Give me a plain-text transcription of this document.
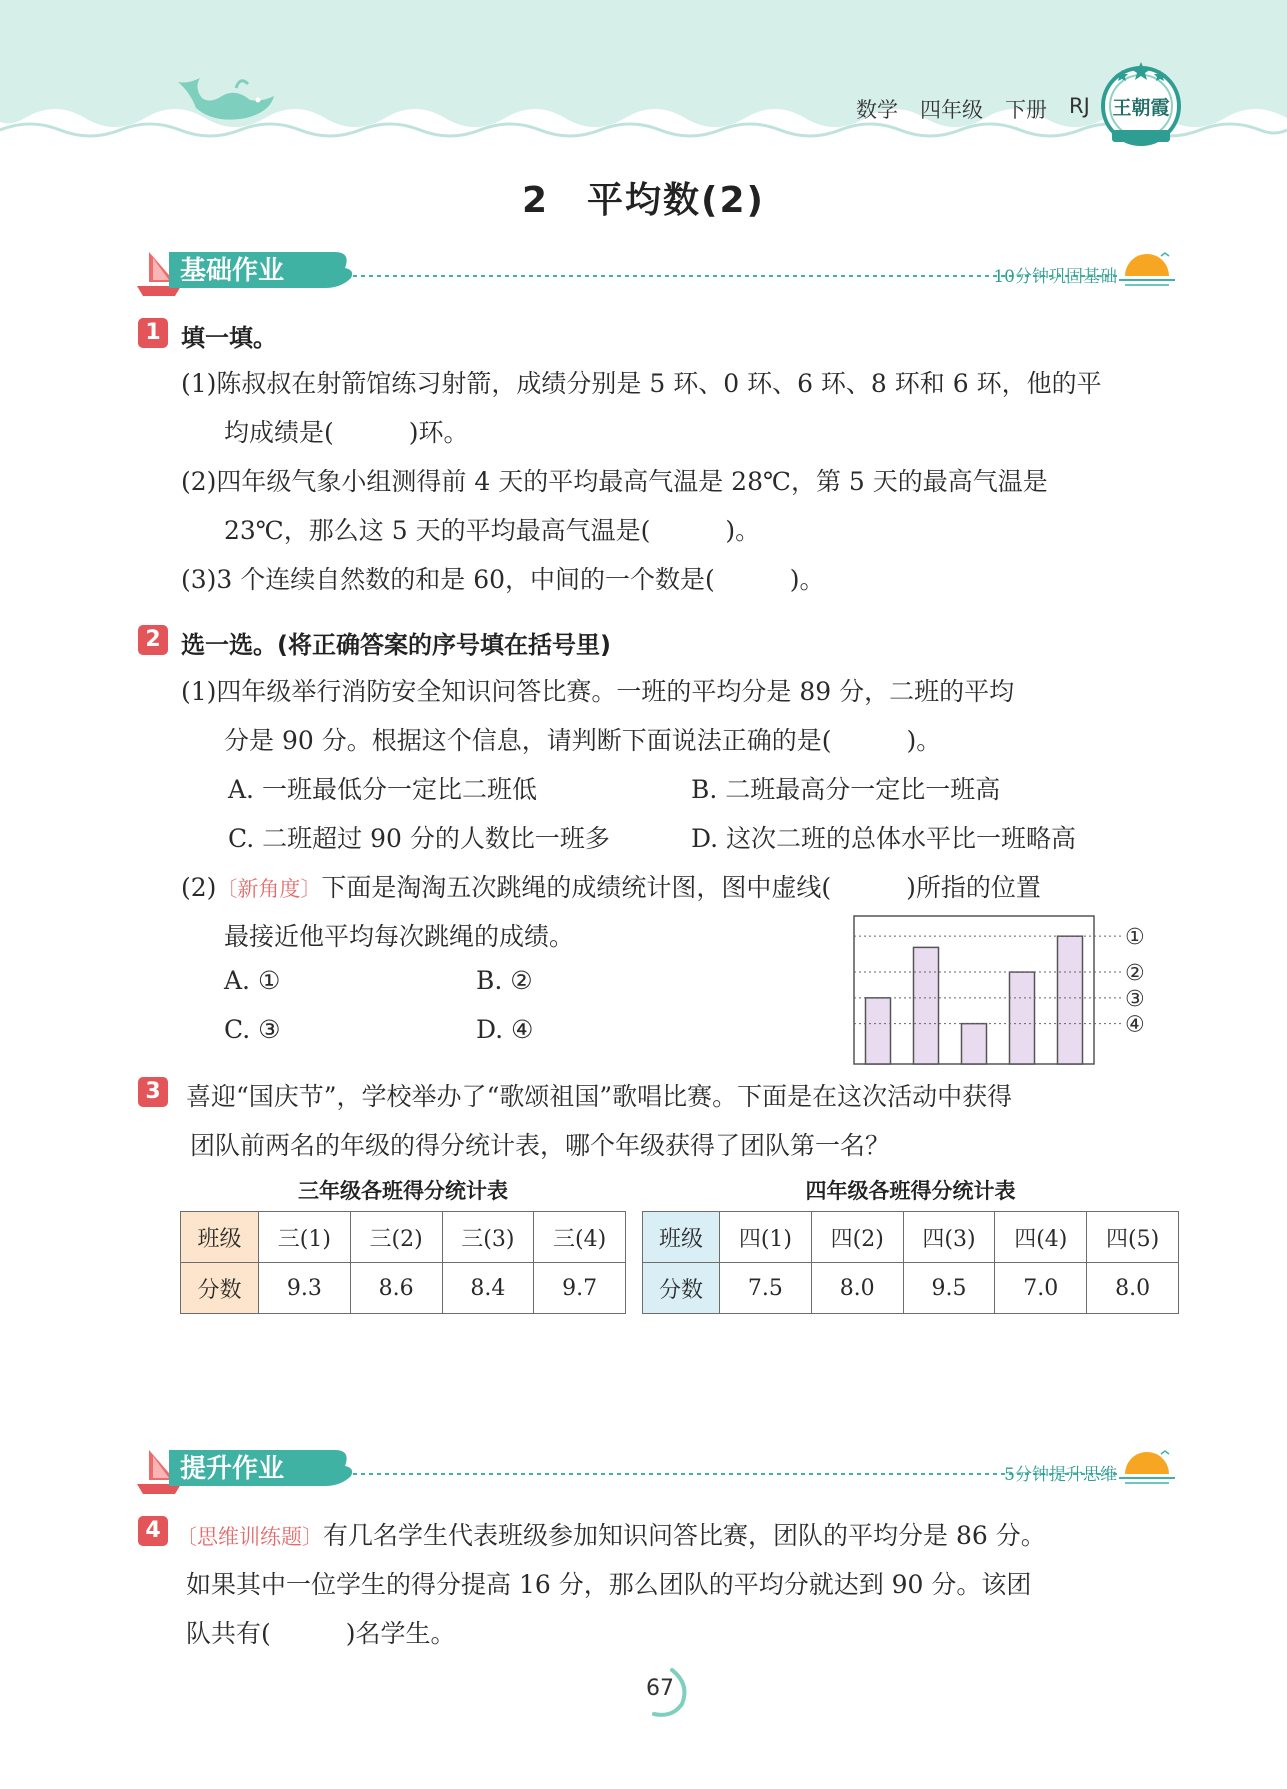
数学 四年级 下册 RJ 王朝霞
2　平均数(2)
基础作业	10分钟巩固基础
1 填一填。
(1)陈叔叔在射箭馆练习射箭，成绩分别是 5 环、0 环、6 环、8 环和 6 环，他的平
均成绩是(　　　)环。
(2)四年级气象小组测得前 4 天的平均最高气温是 28℃，第 5 天的最高气温是
23℃，那么这 5 天的平均最高气温是(　　　)。
(3)3 个连续自然数的和是 60，中间的一个数是(　　　)。
2 选一选。(将正确答案的序号填在括号里)
(1)四年级举行消防安全知识问答比赛。一班的平均分是 89 分，二班的平均
分是 90 分。根据这个信息，请判断下面说法正确的是(　　　)。
A. 一班最低分一定比二班低	B. 二班最高分一定比一班高
C. 二班超过 90 分的人数比一班多	D. 这次二班的总体水平比一班略高
(2)〔新角度〕下面是淘淘五次跳绳的成绩统计图，图中虚线(　　　)所指的位置
最接近他平均每次跳绳的成绩。
A. ①	B. ②
C. ③	D. ④
①
②
③
④
3 喜迎“国庆节”，学校举办了“歌颂祖国”歌唱比赛。下面是在这次活动中获得
团队前两名的年级的得分统计表，哪个年级获得了团队第一名？
三年级各班得分统计表
班级	三(1)	三(2)	三(3)	三(4)
分数	9.3	8.6	8.4	9.7
四年级各班得分统计表
班级	四(1)	四(2)	四(3)	四(4)	四(5)
分数	7.5	8.0	9.5	7.0	8.0
提升作业	5分钟提升思维
4 〔思维训练题〕有几名学生代表班级参加知识问答比赛，团队的平均分是 86 分。
如果其中一位学生的得分提高 16 分，那么团队的平均分就达到 90 分。该团
队共有(　　　)名学生。
67
